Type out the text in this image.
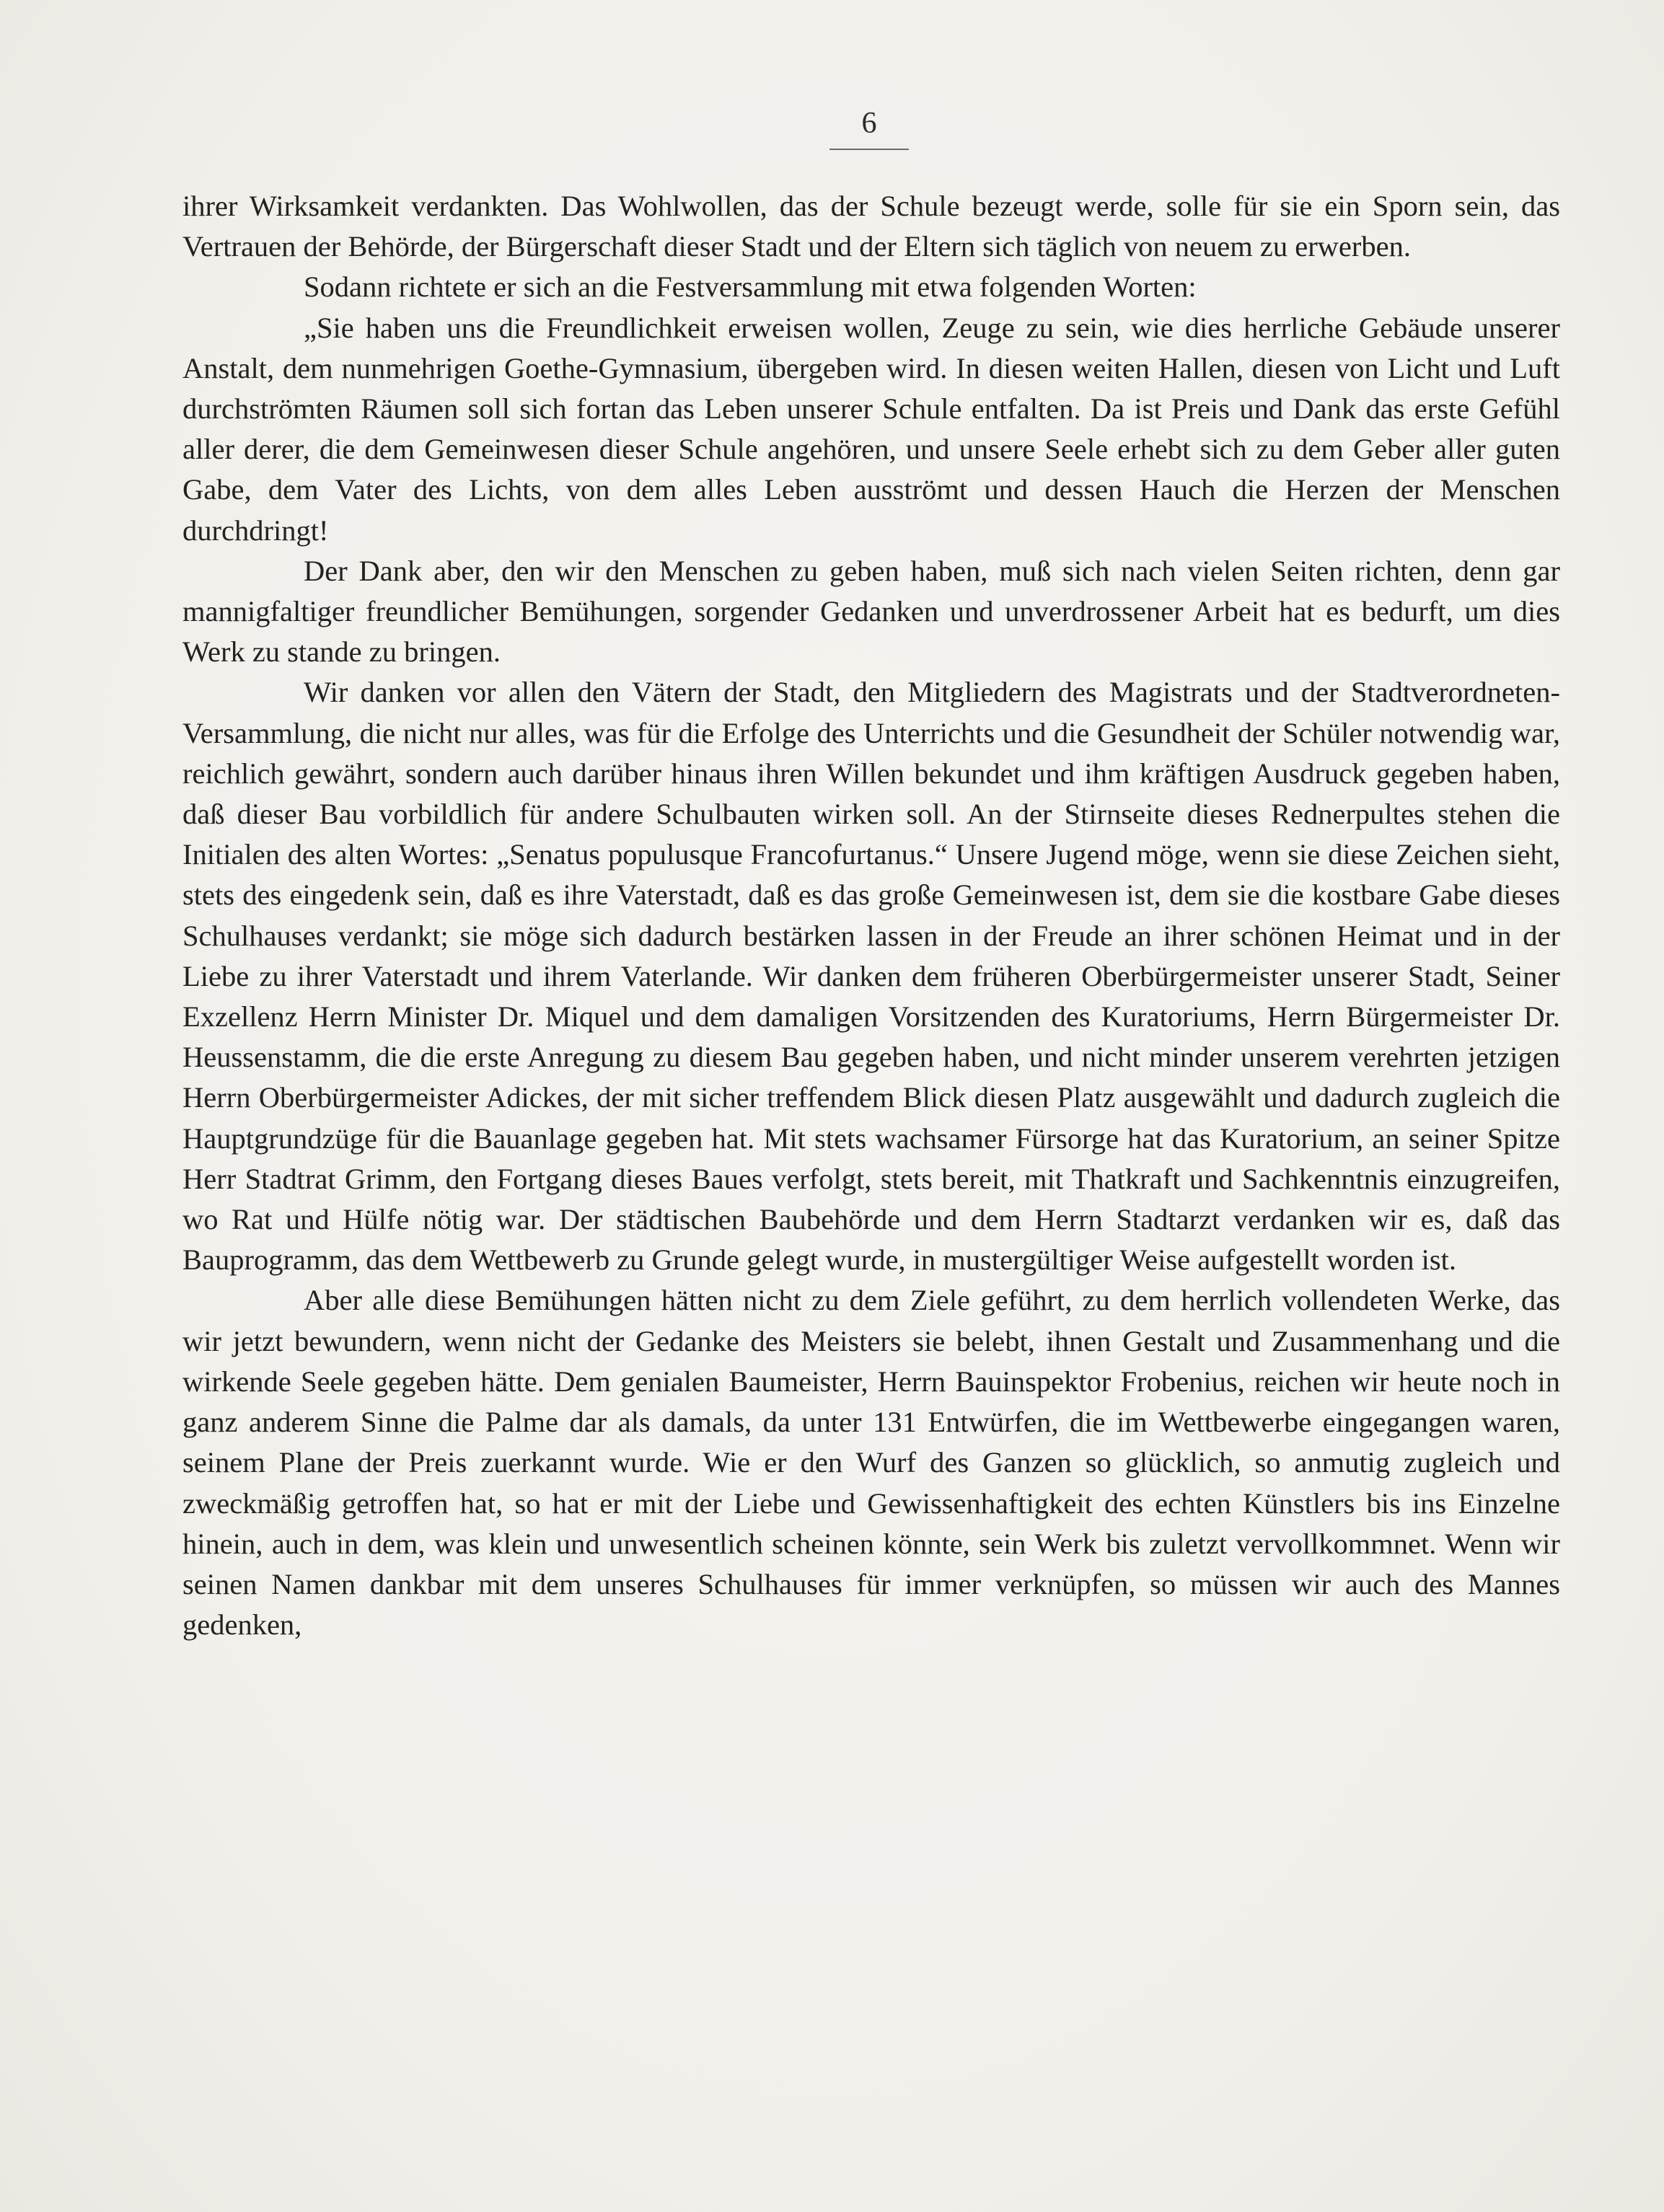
6

ihrer Wirksamkeit verdankten. Das Wohlwollen, das der Schule bezeugt werde, solle für sie ein Sporn sein, das Vertrauen der Behörde, der Bürgerschaft dieser Stadt und der Eltern sich täglich von neuem zu erwerben.

Sodann richtete er sich an die Festversammlung mit etwa folgenden Worten:

„Sie haben uns die Freundlichkeit erweisen wollen, Zeuge zu sein, wie dies herrliche Gebäude unserer Anstalt, dem nunmehrigen Goethe-Gymnasium, übergeben wird. In diesen weiten Hallen, diesen von Licht und Luft durchströmten Räumen soll sich fortan das Leben unserer Schule entfalten. Da ist Preis und Dank das erste Gefühl aller derer, die dem Gemeinwesen dieser Schule angehören, und unsere Seele erhebt sich zu dem Geber aller guten Gabe, dem Vater des Lichts, von dem alles Leben ausströmt und dessen Hauch die Herzen der Menschen durchdringt!

Der Dank aber, den wir den Menschen zu geben haben, muß sich nach vielen Seiten richten, denn gar mannigfaltiger freundlicher Bemühungen, sorgender Gedanken und unverdrossener Arbeit hat es bedurft, um dies Werk zu stande zu bringen.

Wir danken vor allen den Vätern der Stadt, den Mitgliedern des Magistrats und der Stadtverordneten-Versammlung, die nicht nur alles, was für die Erfolge des Unterrichts und die Gesundheit der Schüler notwendig war, reichlich gewährt, sondern auch darüber hinaus ihren Willen bekundet und ihm kräftigen Ausdruck gegeben haben, daß dieser Bau vorbildlich für andere Schulbauten wirken soll. An der Stirnseite dieses Rednerpultes stehen die Initialen des alten Wortes: „Senatus populusque Francofurtanus.“ Unsere Jugend möge, wenn sie diese Zeichen sieht, stets des eingedenk sein, daß es ihre Vaterstadt, daß es das große Gemeinwesen ist, dem sie die kostbare Gabe dieses Schulhauses verdankt; sie möge sich dadurch bestärken lassen in der Freude an ihrer schönen Heimat und in der Liebe zu ihrer Vaterstadt und ihrem Vaterlande. Wir danken dem früheren Oberbürgermeister unserer Stadt, Seiner Exzellenz Herrn Minister Dr. Miquel und dem damaligen Vorsitzenden des Kuratoriums, Herrn Bürgermeister Dr. Heussenstamm, die die erste Anregung zu diesem Bau gegeben haben, und nicht minder unserem verehrten jetzigen Herrn Oberbürgermeister Adickes, der mit sicher treffendem Blick diesen Platz ausgewählt und dadurch zugleich die Hauptgrundzüge für die Bauanlage gegeben hat. Mit stets wachsamer Fürsorge hat das Kuratorium, an seiner Spitze Herr Stadtrat Grimm, den Fortgang dieses Baues verfolgt, stets bereit, mit Thatkraft und Sachkenntnis einzugreifen, wo Rat und Hülfe nötig war. Der städtischen Baubehörde und dem Herrn Stadtarzt verdanken wir es, daß das Bauprogramm, das dem Wettbewerb zu Grunde gelegt wurde, in mustergültiger Weise aufgestellt worden ist.

Aber alle diese Bemühungen hätten nicht zu dem Ziele geführt, zu dem herrlich vollendeten Werke, das wir jetzt bewundern, wenn nicht der Gedanke des Meisters sie belebt, ihnen Gestalt und Zusammenhang und die wirkende Seele gegeben hätte. Dem genialen Baumeister, Herrn Bauinspektor Frobenius, reichen wir heute noch in ganz anderem Sinne die Palme dar als damals, da unter 131 Entwürfen, die im Wettbewerbe eingegangen waren, seinem Plane der Preis zuerkannt wurde. Wie er den Wurf des Ganzen so glücklich, so anmutig zugleich und zweckmäßig getroffen hat, so hat er mit der Liebe und Gewissenhaftigkeit des echten Künstlers bis ins Einzelne hinein, auch in dem, was klein und unwesentlich scheinen könnte, sein Werk bis zuletzt vervollkommnet. Wenn wir seinen Namen dankbar mit dem unseres Schulhauses für immer verknüpfen, so müssen wir auch des Mannes gedenken,
